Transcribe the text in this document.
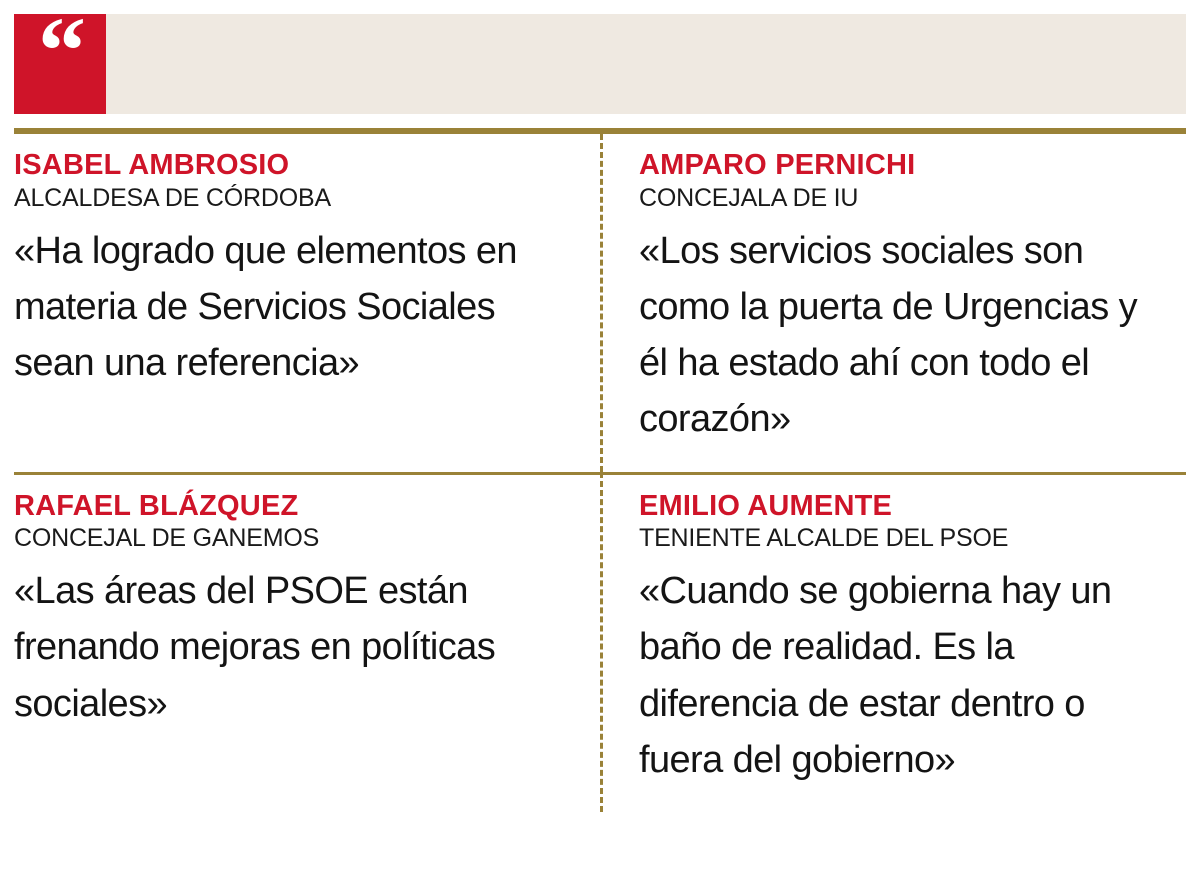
“
ISABEL AMBROSIO
ALCALDESA DE CÓRDOBA

«Ha logrado que elementos en materia de Servicios Sociales sean una referencia»

AMPARO PERNICHI
CONCEJALA DE IU

«Los servicios sociales son como la puerta de Urgencias y él ha estado ahí con todo el corazón»

RAFAEL BLÁZQUEZ
CONCEJAL DE GANEMOS

«Las áreas del PSOE están frenando mejoras en políticas sociales»

EMILIO AUMENTE
TENIENTE ALCALDE DEL PSOE

«Cuando se gobierna hay un baño de realidad. Es la diferencia de estar dentro o fuera del gobierno»
